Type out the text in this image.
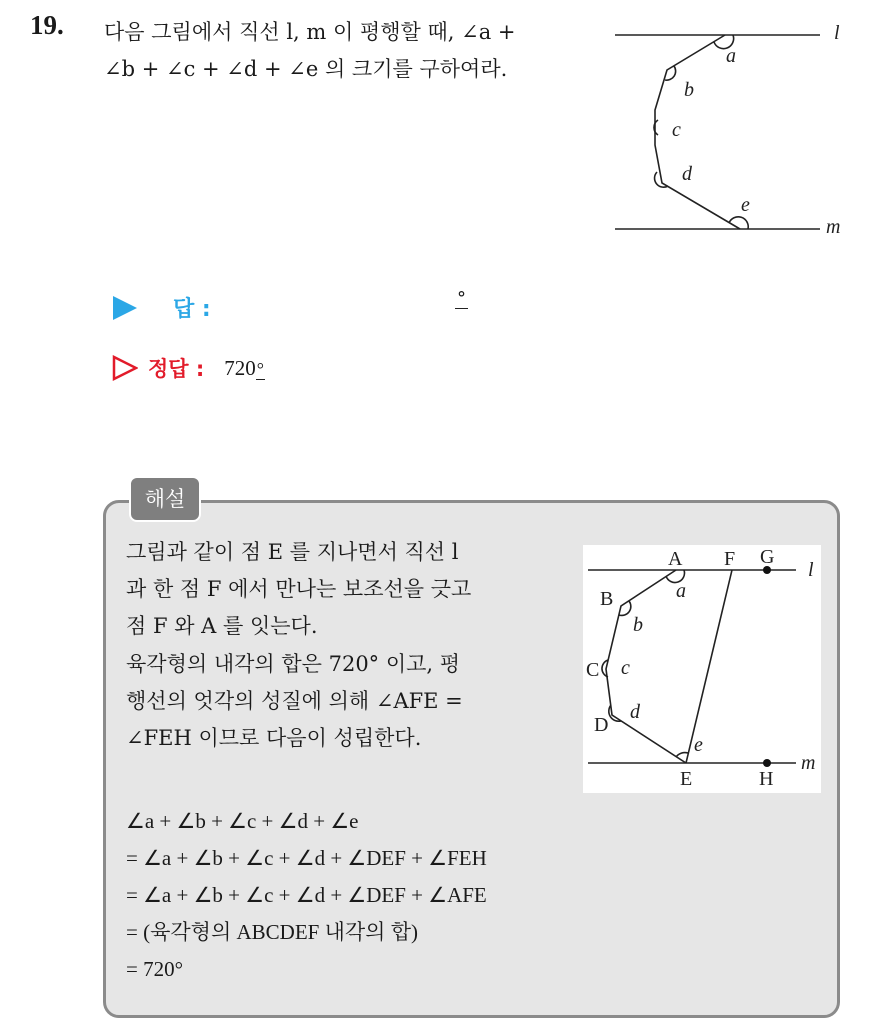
19. 다음 그림에서 직선 l, m 이 평행할 때, ∠a +
∠b + ∠c + ∠d + ∠e 의 크기를 구하여라.
l
m
a
b
c
d
e
답 :	°
정답 : 720°
해설
그림과 같이 점 E 를 지나면서 직선 l
과 한 점 F 에서 만나는 보조선을 긋고
점 F 와 A 를 잇는다.
육각형의 내각의 합은 720° 이고, 평
행선의 엇각의 성질에 의해 ∠AFE =
∠FEH 이므로 다음이 성립한다.
A F G
B
C
D
E	H
l
m
a
b
c
d
e
∠a + ∠b + ∠c + ∠d + ∠e
= ∠a + ∠b + ∠c + ∠d + ∠DEF + ∠FEH
= ∠a + ∠b + ∠c + ∠d + ∠DEF + ∠AFE
= (육각형의 ABCDEF 내각의 합)
= 720°
